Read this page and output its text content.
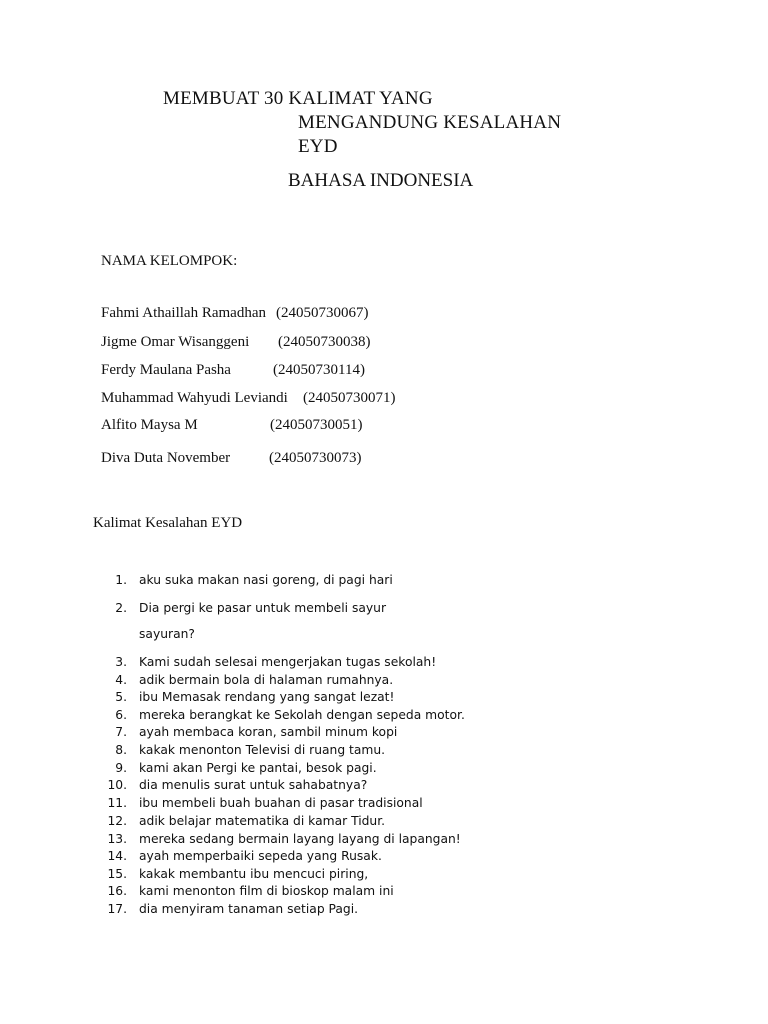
MEMBUAT 30 KALIMAT YANG
MENGANDUNG KESALAHAN
EYD
BAHASA INDONESIA
NAMA KELOMPOK:
Fahmi Athaillah Ramadhan (24050730067)
Jigme Omar Wisanggeni (24050730038)
Ferdy Maulana Pasha	(24050730114)
Muhammad Wahyudi Leviandi (24050730071)
Alfito Maysa M	(24050730051)
Diva Duta November	(24050730073)
Kalimat Kesalahan EYD
1. aku suka makan nasi goreng, di pagi hari
2. Dia pergi ke pasar untuk membeli sayur
sayuran?
3. Kami sudah selesai mengerjakan tugas sekolah!
4. adik bermain bola di halaman rumahnya.
5. ibu Memasak rendang yang sangat lezat!
6. mereka berangkat ke Sekolah dengan sepeda motor.
7. ayah membaca koran, sambil minum kopi
8. kakak menonton Televisi di ruang tamu.
9. kami akan Pergi ke pantai, besok pagi.
10. dia menulis surat untuk sahabatnya?
11. ibu membeli buah buahan di pasar tradisional
12. adik belajar matematika di kamar Tidur.
13. mereka sedang bermain layang layang di lapangan!
14. ayah memperbaiki sepeda yang Rusak.
15. kakak membantu ibu mencuci piring,
16. kami menonton film di bioskop malam ini
17. dia menyiram tanaman setiap Pagi.
